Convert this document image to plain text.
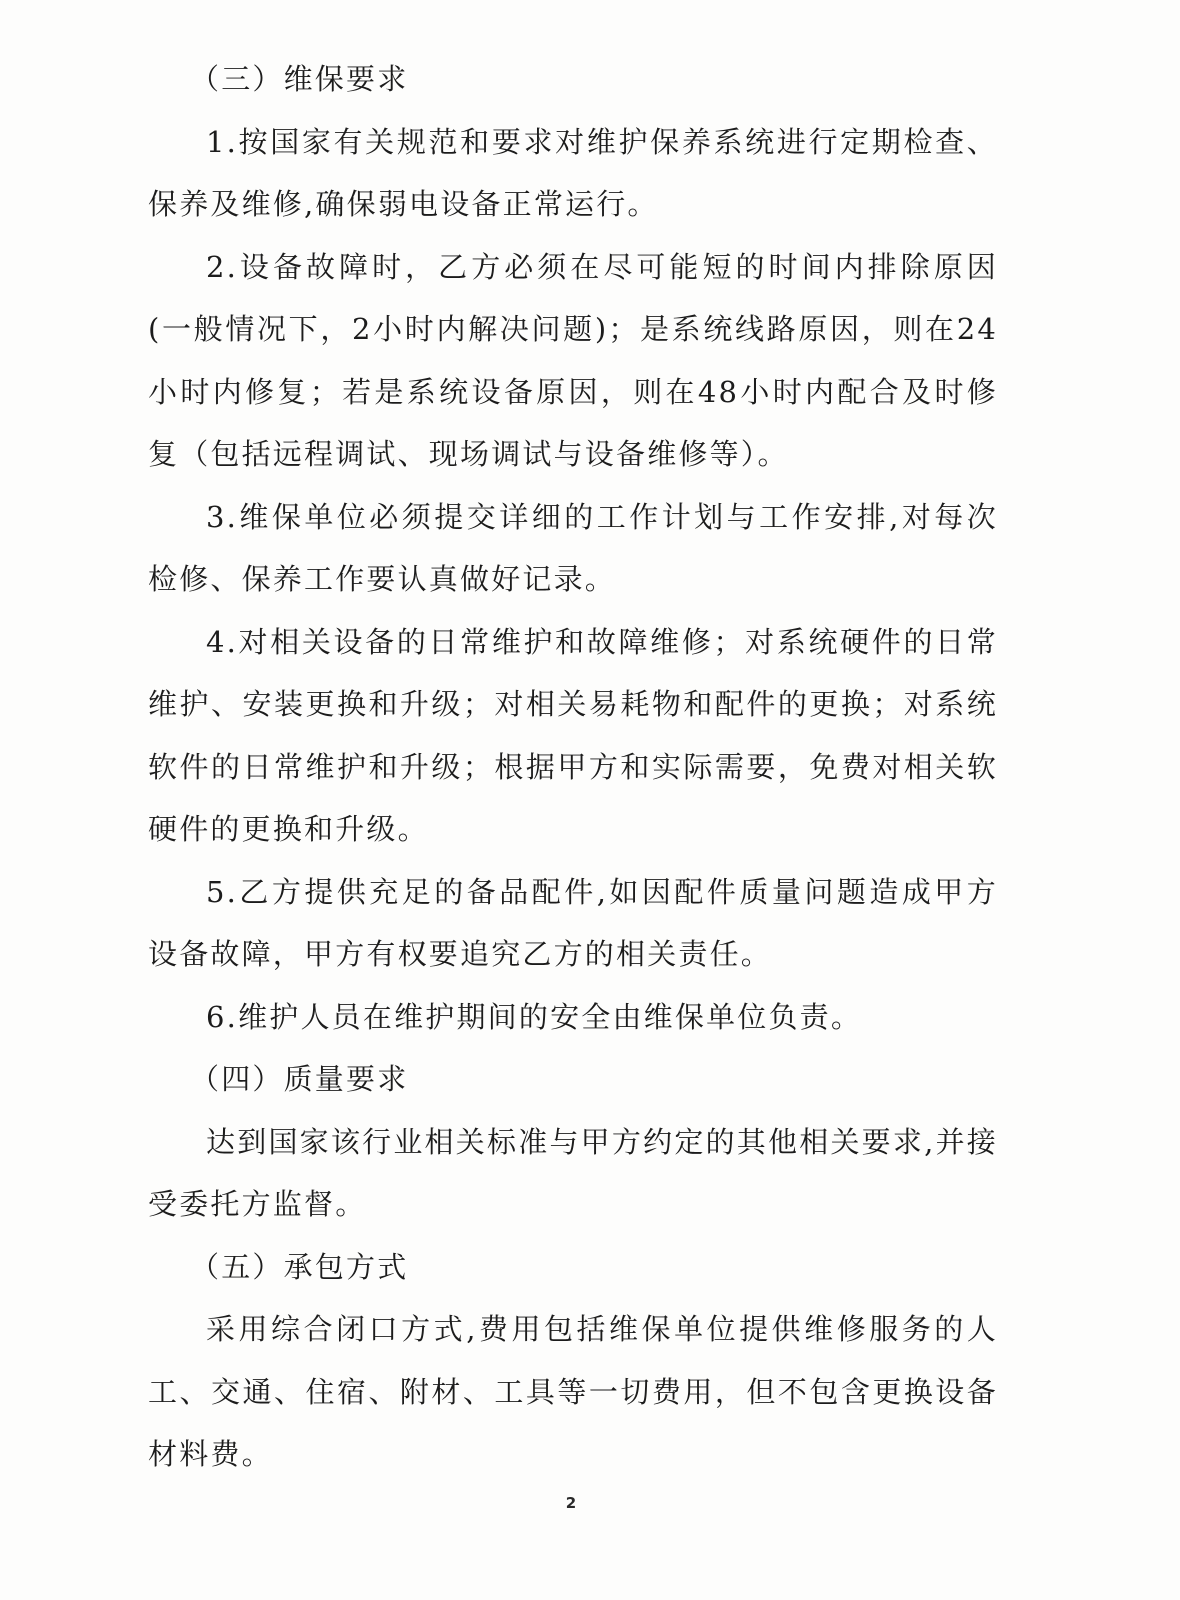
（三）维保要求

1.按国家有关规范和要求对维护保养系统进行定期检查、保养及维修,确保弱电设备正常运行。

2.设备故障时，乙方必须在尽可能短的时间内排除原因(一般情况下，2小时内解决问题)；是系统线路原因，则在24小时内修复；若是系统设备原因，则在48小时内配合及时修复（包括远程调试、现场调试与设备维修等）。

3.维保单位必须提交详细的工作计划与工作安排,对每次检修、保养工作要认真做好记录。

4.对相关设备的日常维护和故障维修；对系统硬件的日常维护、安装更换和升级；对相关易耗物和配件的更换；对系统软件的日常维护和升级；根据甲方和实际需要，免费对相关软硬件的更换和升级。

5.乙方提供充足的备品配件,如因配件质量问题造成甲方设备故障，甲方有权要追究乙方的相关责任。

6.维护人员在维护期间的安全由维保单位负责。

（四）质量要求

达到国家该行业相关标准与甲方约定的其他相关要求,并接受委托方监督。

（五）承包方式

采用综合闭口方式,费用包括维保单位提供维修服务的人工、交通、住宿、附材、工具等一切费用，但不包含更换设备材料费。

2
